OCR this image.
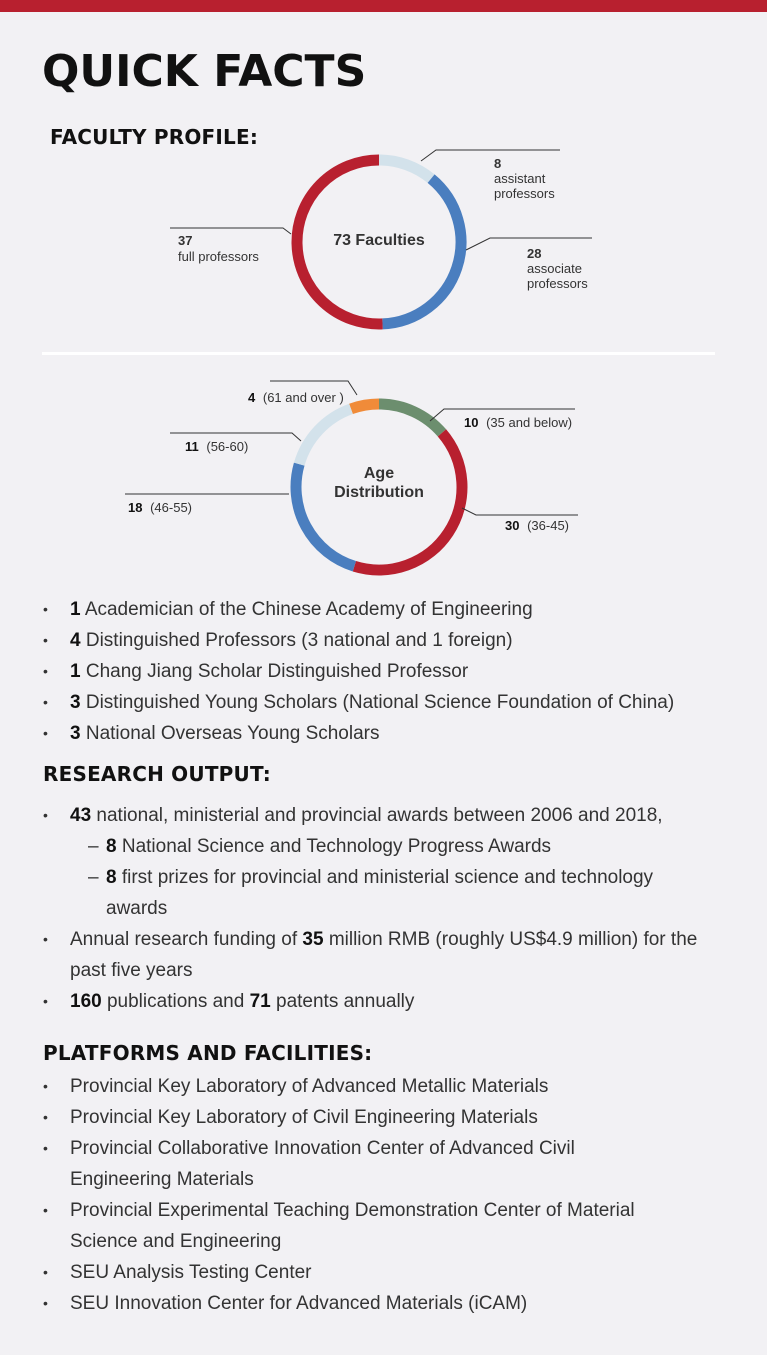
QUICK FACTS
FACULTY PROFILE:
73 Faculties
8
assistant
professors
28
associate
professors
37
full professors
Age
Distribution
4 (61 and over )
10 (35 and below)
11 (56-60)
18 (46-55)
30 (36-45)
• 1 Academician of the Chinese Academy of Engineering
• 4 Distinguished Professors (3 national and 1 foreign)
• 1 Chang Jiang Scholar Distinguished Professor
• 3 Distinguished Young Scholars (National Science Foundation of China)
• 3 National Overseas Young Scholars
RESEARCH OUTPUT:
• 43 national, ministerial and provincial awards between 2006 and 2018,
– 8 National Science and Technology Progress Awards
– 8 first prizes for provincial and ministerial science and technology awards
• Annual research funding of 35 million RMB (roughly US$4.9 million) for the past five years
• 160 publications and 71 patents annually
PLATFORMS AND FACILITIES:
• Provincial Key Laboratory of Advanced Metallic Materials
• Provincial Key Laboratory of Civil Engineering Materials
• Provincial Collaborative Innovation Center of Advanced Civil Engineering Materials
• Provincial Experimental Teaching Demonstration Center of Material Science and Engineering
• SEU Analysis Testing Center
• SEU Innovation Center for Advanced Materials (iCAM)
